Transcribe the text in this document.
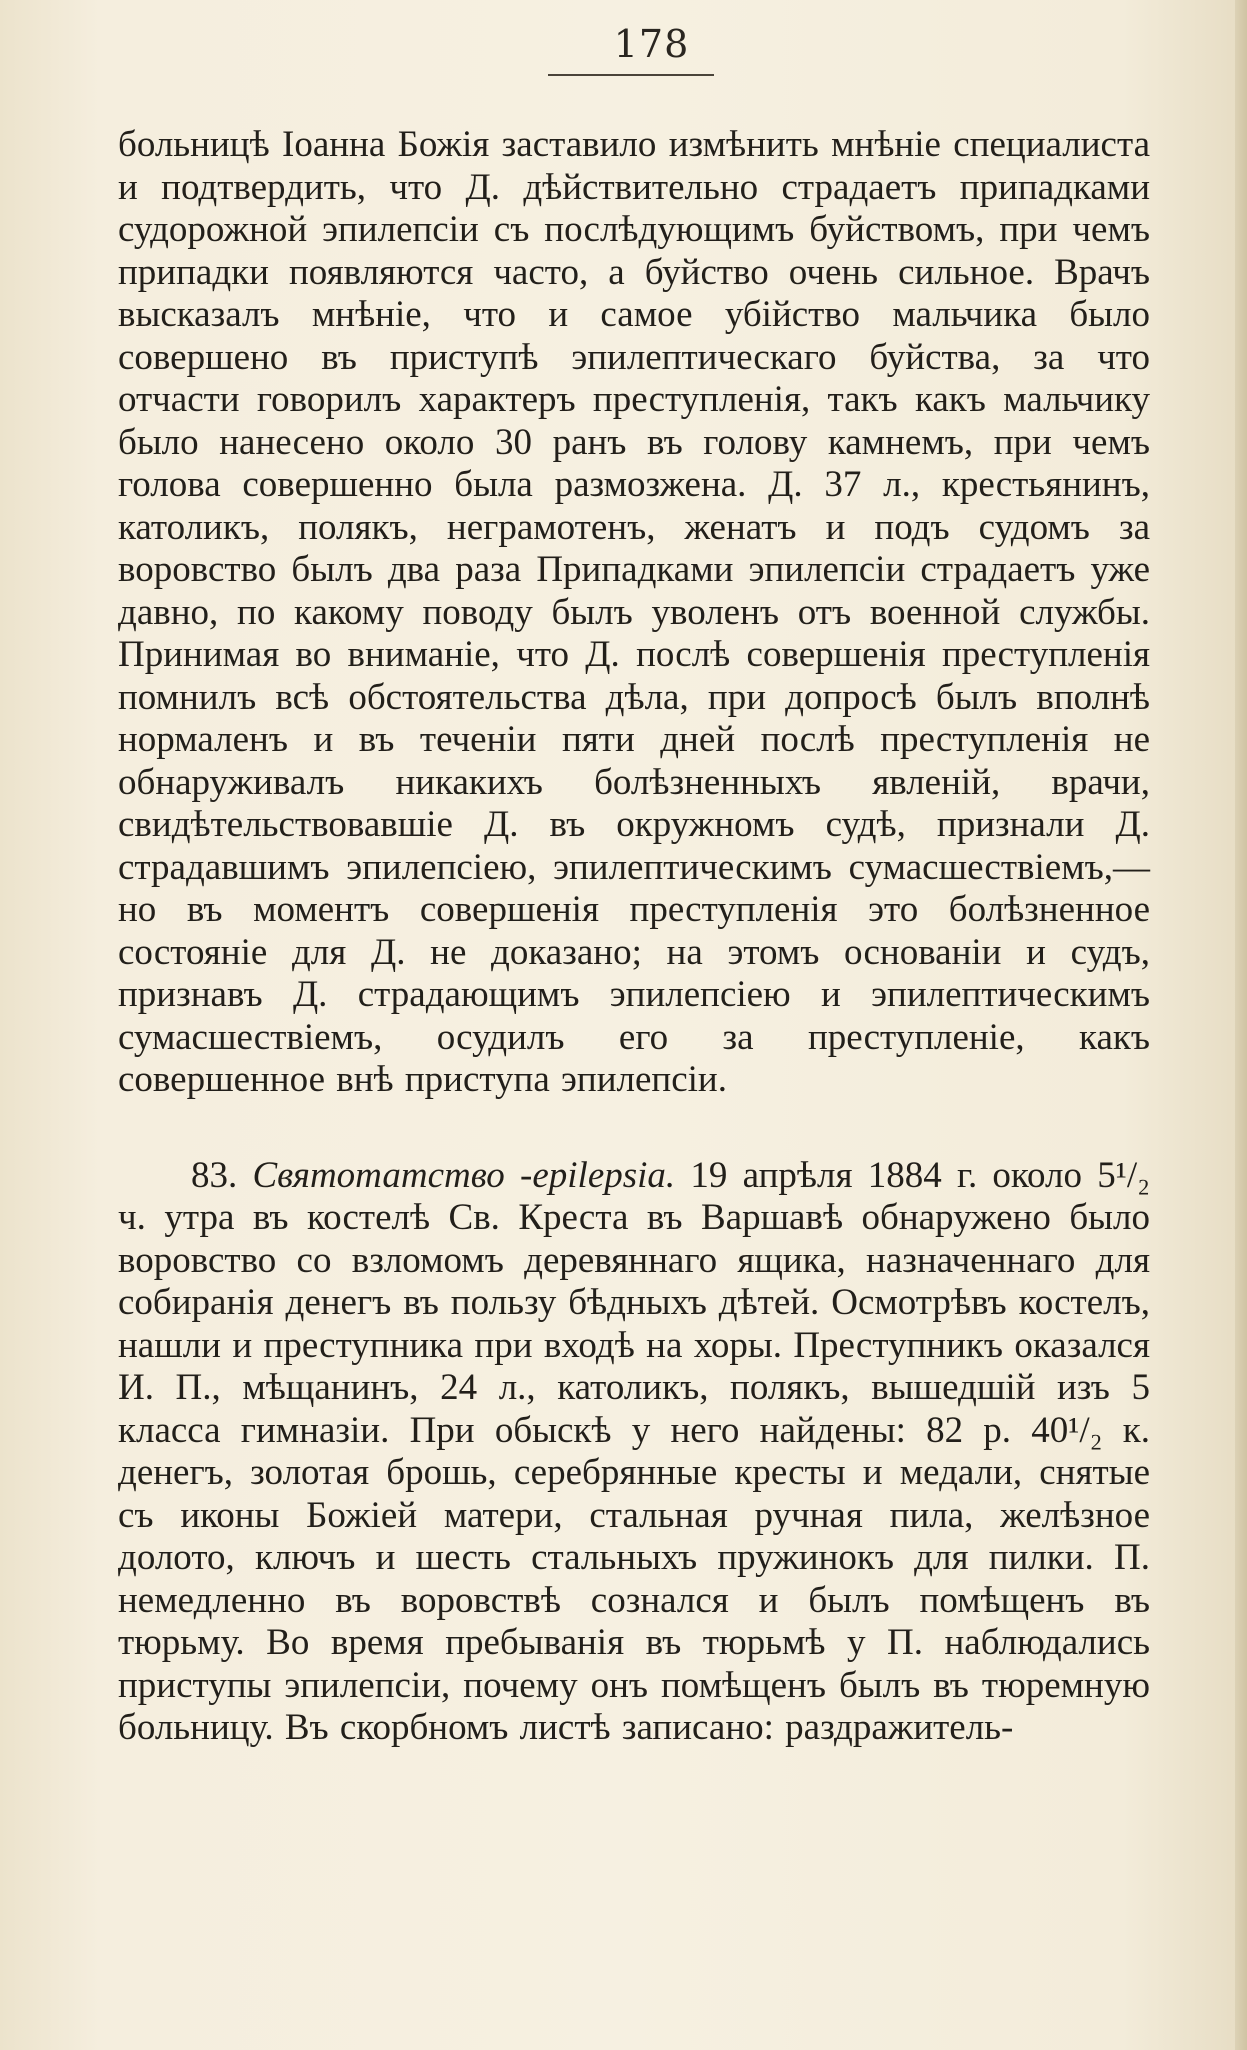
178

больницѣ Іоанна Божія заставило измѣнить мнѣніе специалиста и подтвердить, что Д. дѣйствительно страдаетъ припадками судорожной эпилепсіи съ послѣдующимъ буйствомъ, при чемъ припадки появляются часто, а буйство очень сильное. Врачъ высказалъ мнѣніе, что и самое убійство мальчика было совершено въ приступѣ эпилептическаго буйства, за что отчасти говорилъ характеръ преступленія, такъ какъ мальчику было нанесено около 30 ранъ въ голову камнемъ, при чемъ голова совершенно была размозжена. Д. 37 л., крестьянинъ, католикъ, полякъ, неграмотенъ, женатъ и подъ судомъ за воровство былъ два раза Припадками эпилепсіи страдаетъ уже давно, по какому поводу былъ уволенъ отъ военной службы. Принимая во вниманіе, что Д. послѣ совершенія преступленія помнилъ всѣ обстоятельства дѣла, при допросѣ былъ вполнѣ нормаленъ и въ теченіи пяти дней послѣ преступленія не обнаруживалъ никакихъ болѣзненныхъ явленій, врачи, свидѣтельствовавшіе Д. въ окружномъ судѣ, признали Д. страдавшимъ эпилепсіею, эпилептическимъ сумасшествіемъ,—но въ моментъ совершенія преступленія это болѣзненное состояніе для Д. не доказано; на этомъ основаніи и судъ, признавъ Д. страдающимъ эпилепсіею и эпилептическимъ сумасшествіемъ, осудилъ его за преступленіе, какъ совершенное внѣ приступа эпилепсіи.

83. Святотатство -epilepsia. 19 апрѣля 1884 г. около 5¹/₂ ч. утра въ костелѣ Св. Креста въ Варшавѣ обнаружено было воровство со взломомъ деревяннаго ящика, назначеннаго для собиранія денегъ въ пользу бѣдныхъ дѣтей. Осмотрѣвъ костелъ, нашли и преступника при входѣ на хоры. Преступникъ оказался И. П., мѣщанинъ, 24 л., католикъ, полякъ, вышедшій изъ 5 класса гимназіи. При обыскѣ у него найдены: 82 р. 40¹/₂ к. денегъ, золотая брошь, серебрянные кресты и медали, снятые съ иконы Божіей матери, стальная ручная пила, желѣзное долото, ключъ и шесть стальныхъ пружинокъ для пилки. П. немедленно въ воровствѣ сознался и былъ помѣщенъ въ тюрьму. Во время пребыванія въ тюрьмѣ у П. наблюдались приступы эпилепсіи, почему онъ помѣщенъ былъ въ тюремную больницу. Въ скорбномъ листѣ записано: раздражитель-
